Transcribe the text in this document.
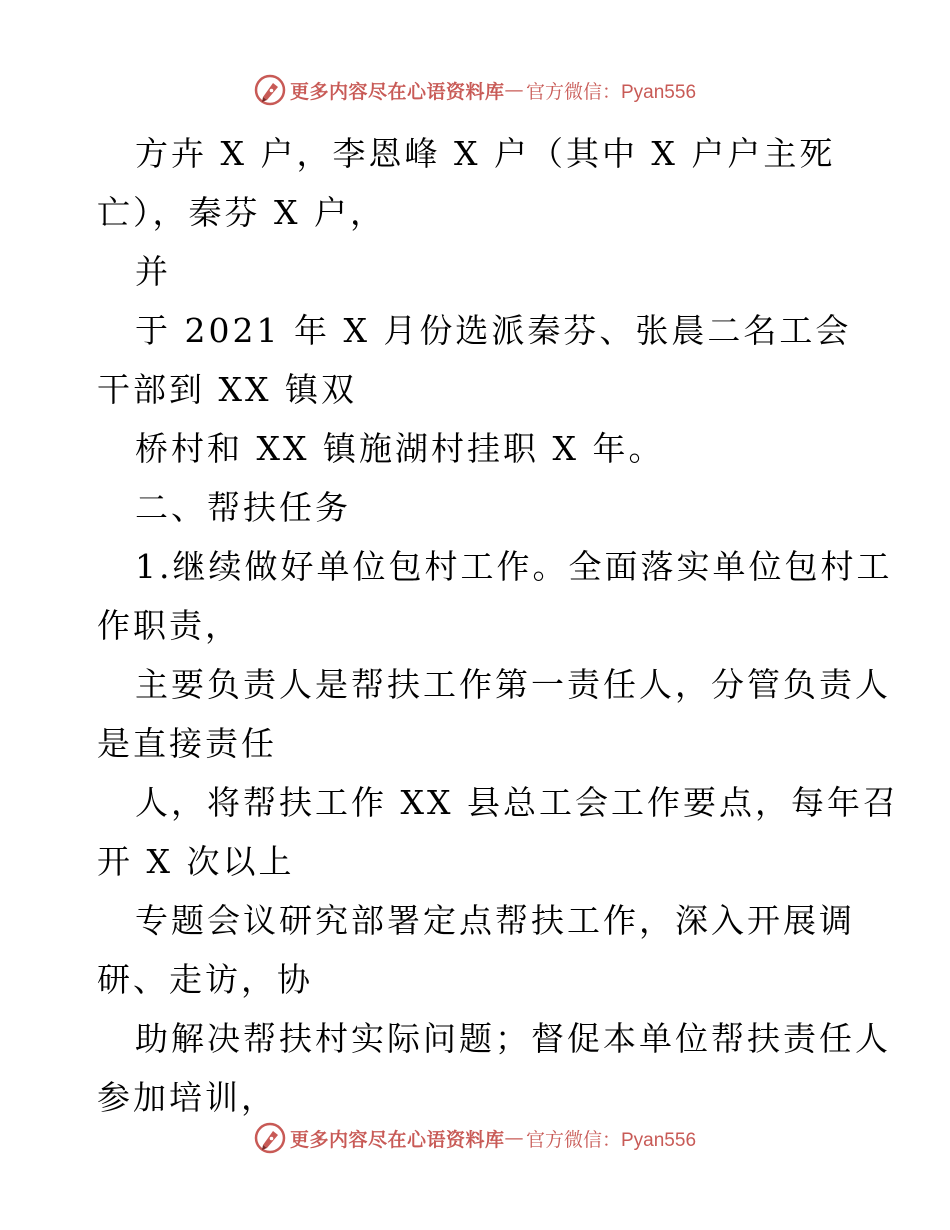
更多内容尽在心语资料库 — 官方微信：Pyan556
方卉 X 户，李恩峰 X 户（其中 X 户户主死
亡），秦芬 X 户，
并
于 2021 年 X 月份选派秦芬、张晨二名工会
干部到 XX 镇双
桥村和 XX 镇施湖村挂职 X 年。
二、帮扶任务
1.继续做好单位包村工作。全面落实单位包村工
作职责，
主要负责人是帮扶工作第一责任人，分管负责人
是直接责任
人，将帮扶工作 XX 县总工会工作要点，每年召
开 X 次以上
专题会议研究部署定点帮扶工作，深入开展调
研、走访，协
助解决帮扶村实际问题；督促本单位帮扶责任人
参加培训，
更多内容尽在心语资料库 — 官方微信：Pyan556
